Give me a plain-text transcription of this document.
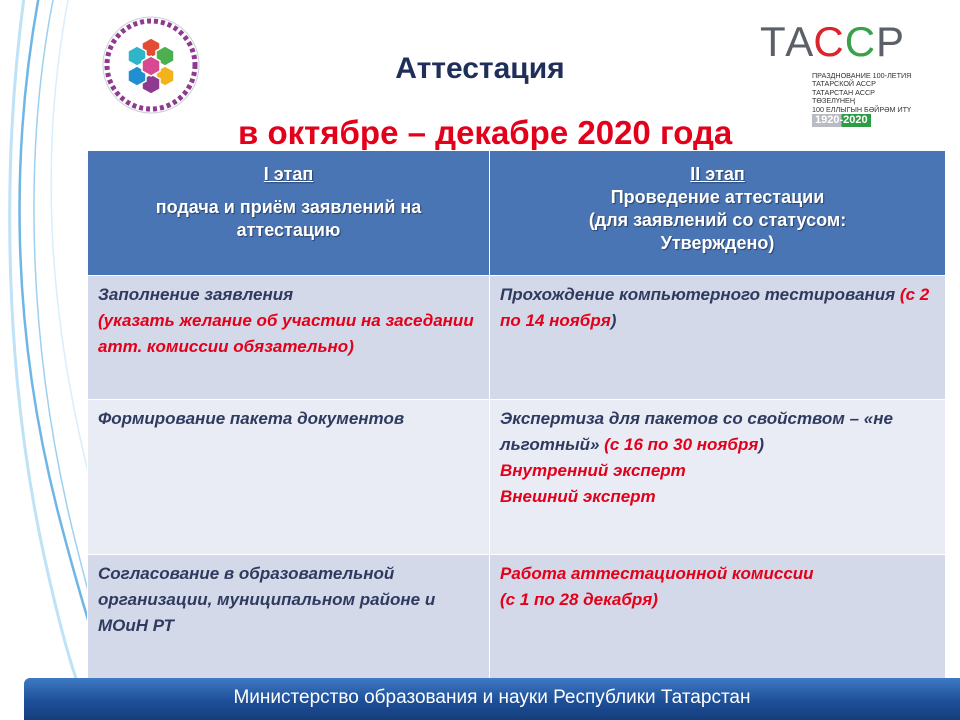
ТАССР
ПРАЗДНОВАНИЕ 100-ЛЕТИЯ
ТАТАРСКОЙ АССР
ТАТАРСТАН АССР ТӨЗЕЛҮНЕҢ
100 ЕЛЛЫГЫН БӘЙРӘМ ИТҮ
1920-2020
Аттестация
в октябре – декабре 2020 года
I этап
подача и приём заявлений на
аттестацию	II этап
Проведение аттестации
(для заявлений со статусом:
Утверждено)

Заполнение заявления
(указать желание об участии на заседании атт. комиссии обязательно)	Прохождение компьютерного тестирования (с 2 по 14 ноября)

Формирование пакета документов	Экспертиза для пакетов со свойством – «не льготный» (с 16 по 30 ноября)
Внутренний эксперт
Внешний эксперт

Согласование в образовательной организации, муниципальном районе и МОиН РТ	Работа аттестационной комиссии
(с 1 по 28 декабря)
Министерство образования и науки Республики Татарстан
